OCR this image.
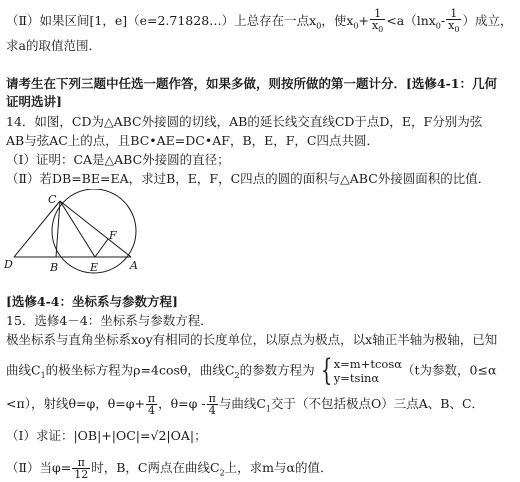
（Ⅱ）如果区间[1，e]（e=2.71828…）上总存在一点$x_0$，使$x_0+ \frac{1}{x_0} <a(\ln x_0- \frac{1}{x_0}$ ）成立，
求a的取值范围．
请考生在下列三题中任选一题作答，如果多做，则按所做的第一题计分．[选修4-1：几何
证明选讲]
14．如图，CD为△ABC外接圆的切线，AB的延长线交直线CD于点D，E，F分别为弦
AB与弦AC上的点，且BC•AE=DC•AF，B，E，F，C四点共圆．
（Ⅰ）证明：CA是△ABC外接圆的直径；
（Ⅱ）若DB=BE=EA，求过B，E，F，C四点的圆的面积与△ABC外接圆面积的比值．
C
F
D	B	E	A
[选修4-4：坐标系与参数方程]
15．选修4－4：坐标系与参数方程．
极坐标系与直角坐标系xoy有相同的长度单位，以原点为极点，以x轴正半轴为极轴，已知
曲线$C_1$的极坐标方程为ρ=4cosθ，曲线$C_2$的参数方程为 { x=m+tcosα
y=tsinα
（t为参数，0≤α
<π），射线θ=φ，$\theta=\varphi+ \frac{\pi}{4}$ ，$\theta=\varphi - \frac{\pi}{4}$ 与曲线$C_1$交于（不包括极点O）三点A、B、C．
（Ⅰ）求证：|OB|+|OC|=√2|OA|；
（Ⅱ）当$\varphi= \frac{\pi}{12}$ 时，B，C两点在曲线$C_2$上，求m与α的值．
